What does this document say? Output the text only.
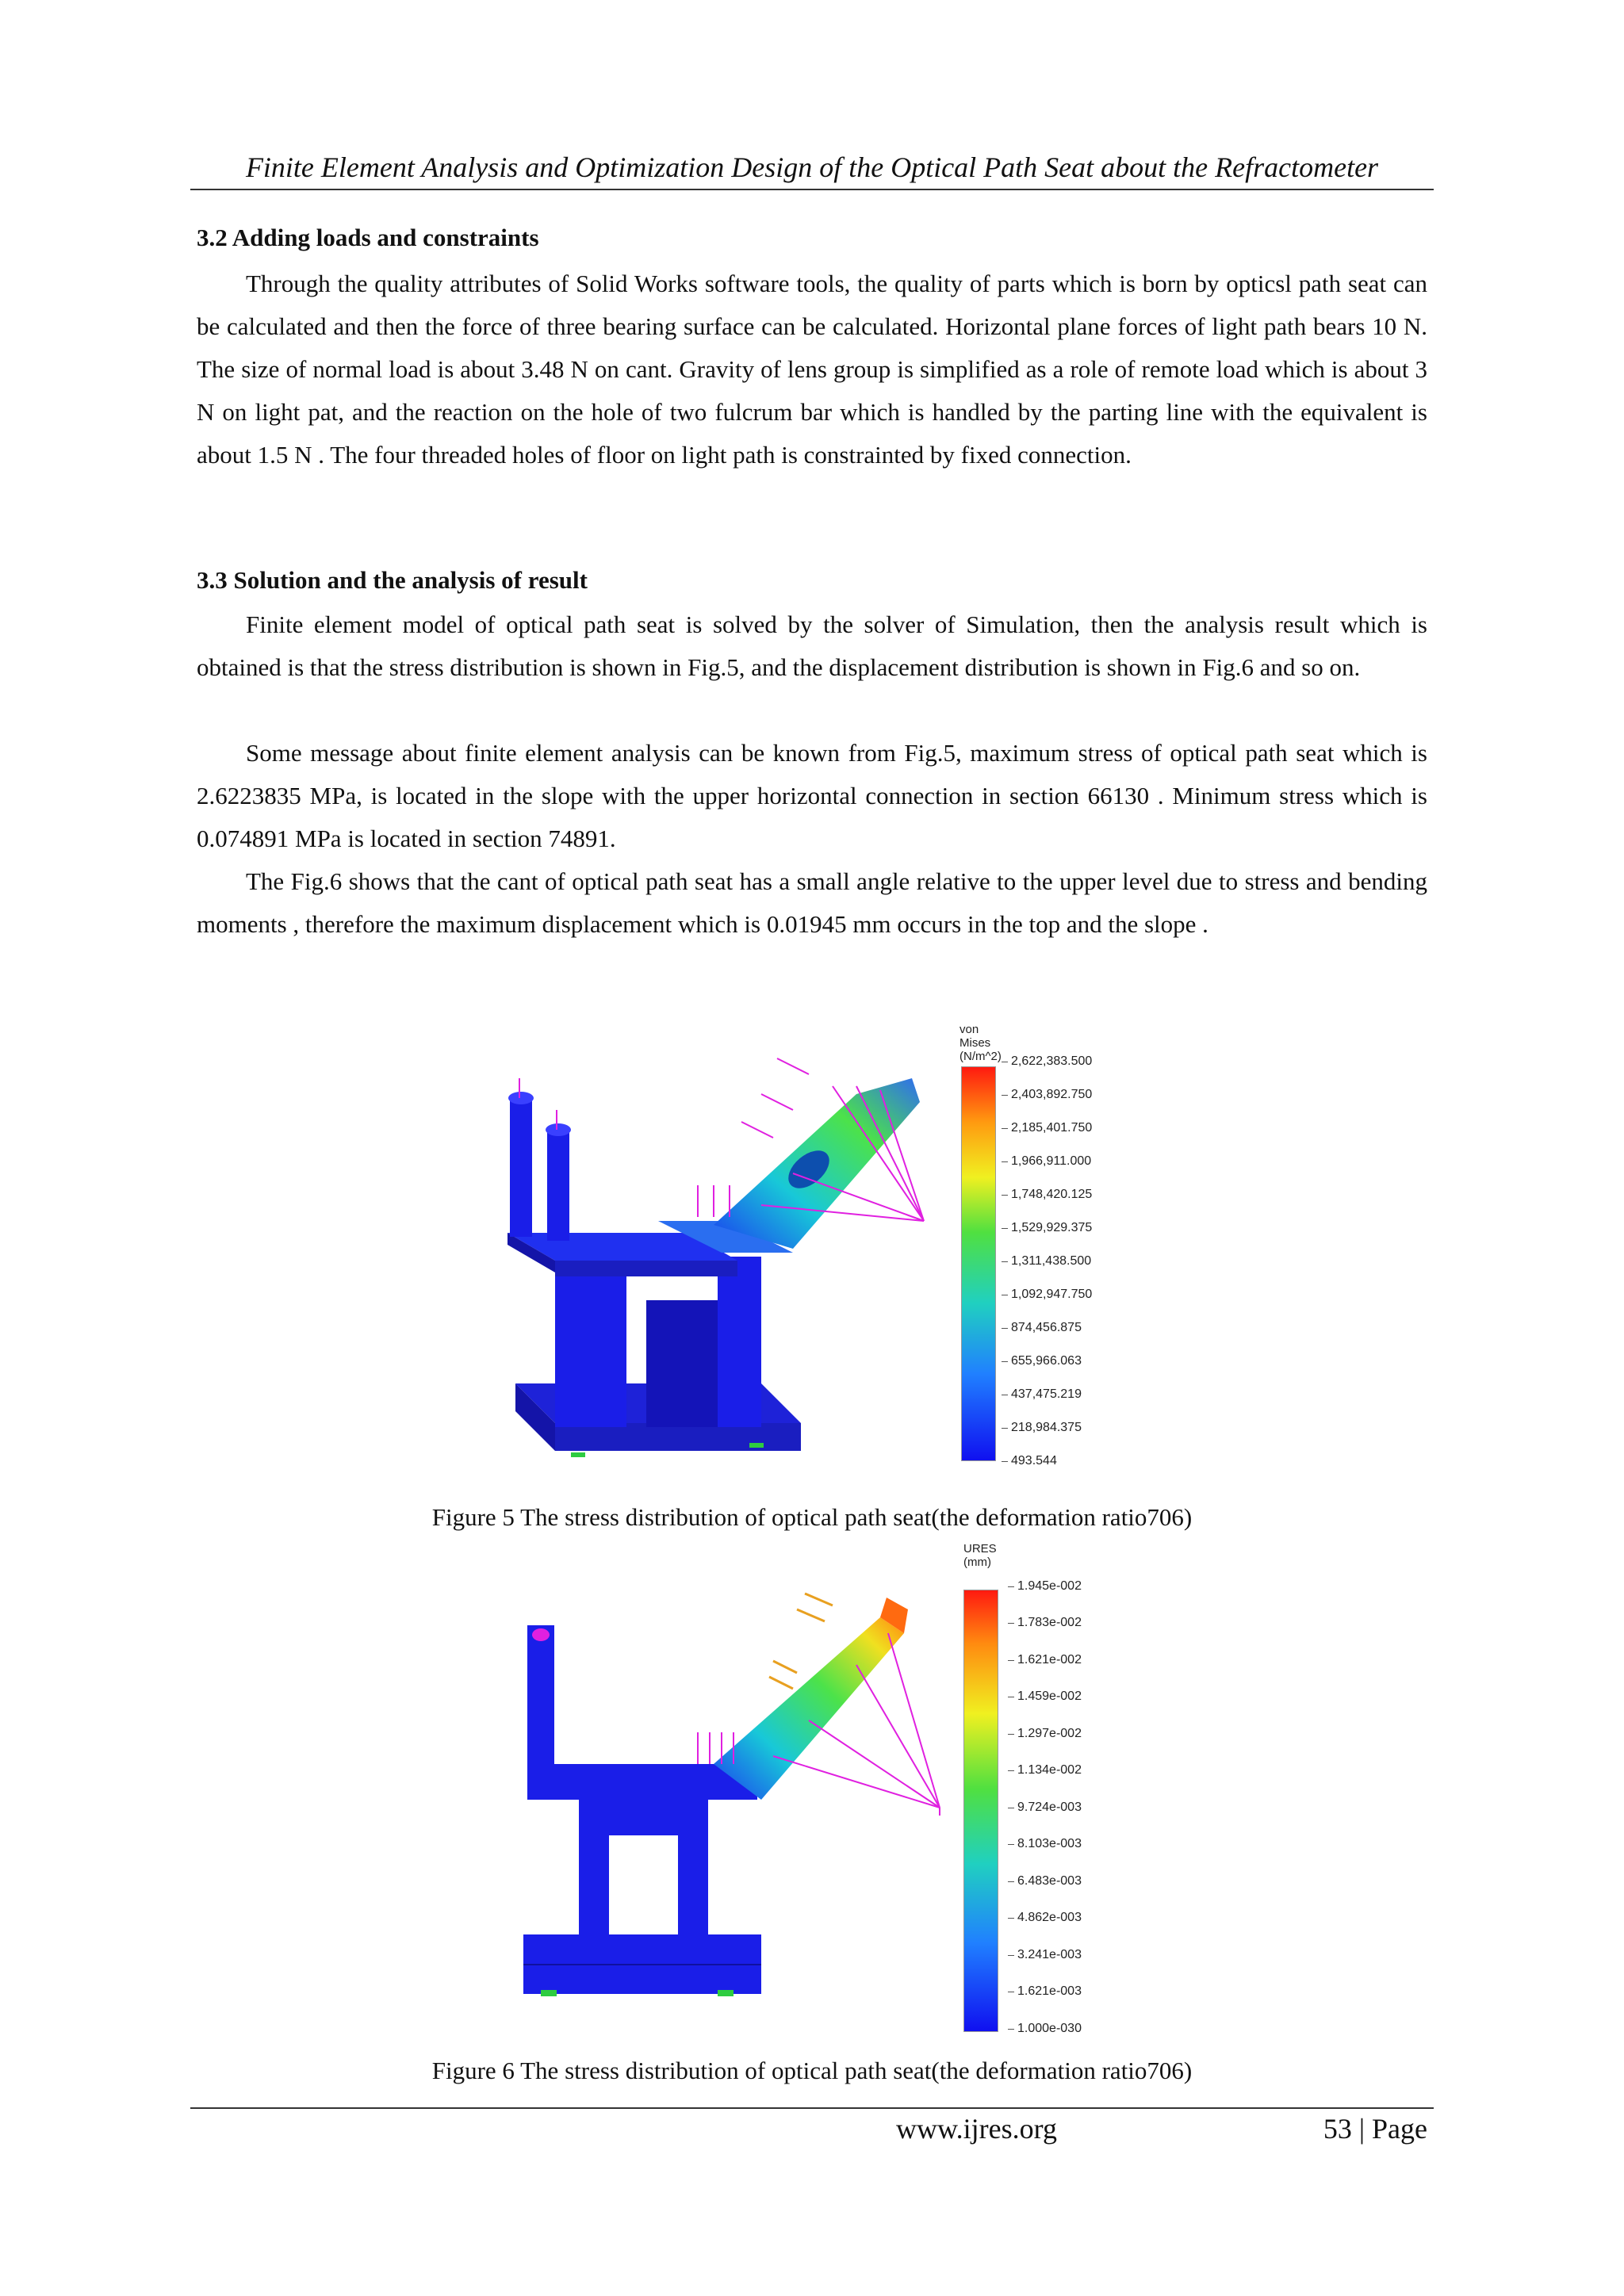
Finite Element Analysis and Optimization Design of the Optical Path Seat about the Refractometer
3.2 Adding loads and constraints
Through the quality attributes of Solid Works software tools, the quality of parts which is born by opticsl path seat can be calculated and then the force of three bearing surface can be calculated. Horizontal plane forces of light path bears 10 N. The size of normal load is about 3.48 N on cant. Gravity of lens group is simplified as a role of remote load which is about 3 N on light pat, and the reaction on the hole of two fulcrum bar which is handled by the parting line with the equivalent is about 1.5 N . The four threaded holes of floor on light path is constrainted by fixed connection.
3.3 Solution and the analysis of result
Finite element model of optical path seat is solved by the solver of Simulation, then the analysis result which is obtained is that the stress distribution is shown in Fig.5, and the displacement distribution is shown in Fig.6 and so on.
Some message about finite element analysis can be known from Fig.5, maximum stress of optical path seat which is 2.6223835 MPa, is located in the slope with the upper horizontal connection in section 66130 . Minimum stress which is 0.074891 MPa is located in section 74891.
The Fig.6 shows that the cant of optical path seat has a small angle relative to the upper level due to stress and bending moments , therefore the maximum displacement which is 0.01945 mm occurs in the top and the slope .
von Mises (N/m^2) 2,622,383.500
2,403,892.750
2,185,401.750
1,966,911.000
1,748,420.125
1,529,929.375
1,311,438.500
1,092,947.750
874,456.875
655,966.063
437,475.219
218,984.375
493.544
Figure 5 The stress distribution of optical path seat(the deformation ratio706)
URES (mm)
1.945e-002
1.783e-002
1.621e-002
1.459e-002
1.297e-002
1.134e-002
9.724e-003
8.103e-003
6.483e-003
4.862e-003
3.241e-003
1.621e-003
1.000e-030
Figure 6 The stress distribution of optical path seat(the deformation ratio706)
www.ijres.org	53 | Page
